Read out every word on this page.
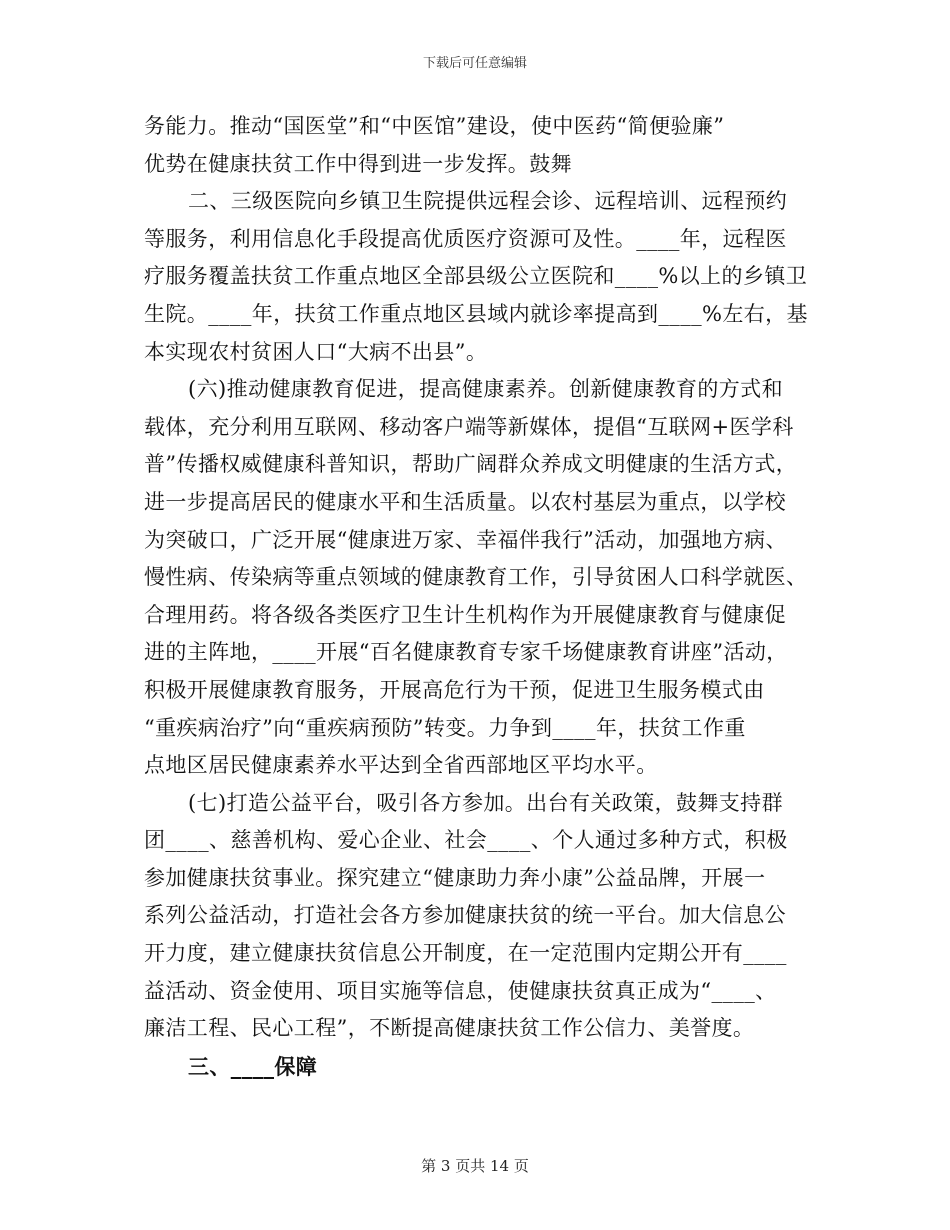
下载后可任意编辑
务能力。推动“国医堂”和“中医馆”建设，使中医药“简便验廉”
优势在健康扶贫工作中得到进一步发挥。鼓舞
二、三级医院向乡镇卫生院提供远程会诊、远程培训、远程预约
等服务，利用信息化手段提高优质医疗资源可及性。____年，远程医
疗服务覆盖扶贫工作重点地区全部县级公立医院和____%以上的乡镇卫
生院。____年，扶贫工作重点地区县域内就诊率提高到____%左右，基
本实现农村贫困人口“大病不出县”。
(六)推动健康教育促进，提高健康素养。创新健康教育的方式和
载体，充分利用互联网、移动客户端等新媒体，提倡“互联网+医学科
普”传播权威健康科普知识，帮助广阔群众养成文明健康的生活方式，
进一步提高居民的健康水平和生活质量。以农村基层为重点，以学校
为突破口，广泛开展“健康进万家、幸福伴我行”活动，加强地方病、
慢性病、传染病等重点领域的健康教育工作，引导贫困人口科学就医、
合理用药。将各级各类医疗卫生计生机构作为开展健康教育与健康促
进的主阵地，____开展“百名健康教育专家千场健康教育讲座”活动，
积极开展健康教育服务，开展高危行为干预，促进卫生服务模式由
“重疾病治疗”向“重疾病预防”转变。力争到____年，扶贫工作重
点地区居民健康素养水平达到全省西部地区平均水平。
(七)打造公益平台，吸引各方参加。出台有关政策，鼓舞支持群
团____、慈善机构、爱心企业、社会____、个人通过多种方式，积极
参加健康扶贫事业。探究建立“健康助力奔小康”公益品牌，开展一
系列公益活动，打造社会各方参加健康扶贫的统一平台。加大信息公
开力度，建立健康扶贫信息公开制度，在一定范围内定期公开有____
益活动、资金使用、项目实施等信息，使健康扶贫真正成为“____、
廉洁工程、民心工程”，不断提高健康扶贫工作公信力、美誉度。
三、____保障
第 3 页共 14 页
